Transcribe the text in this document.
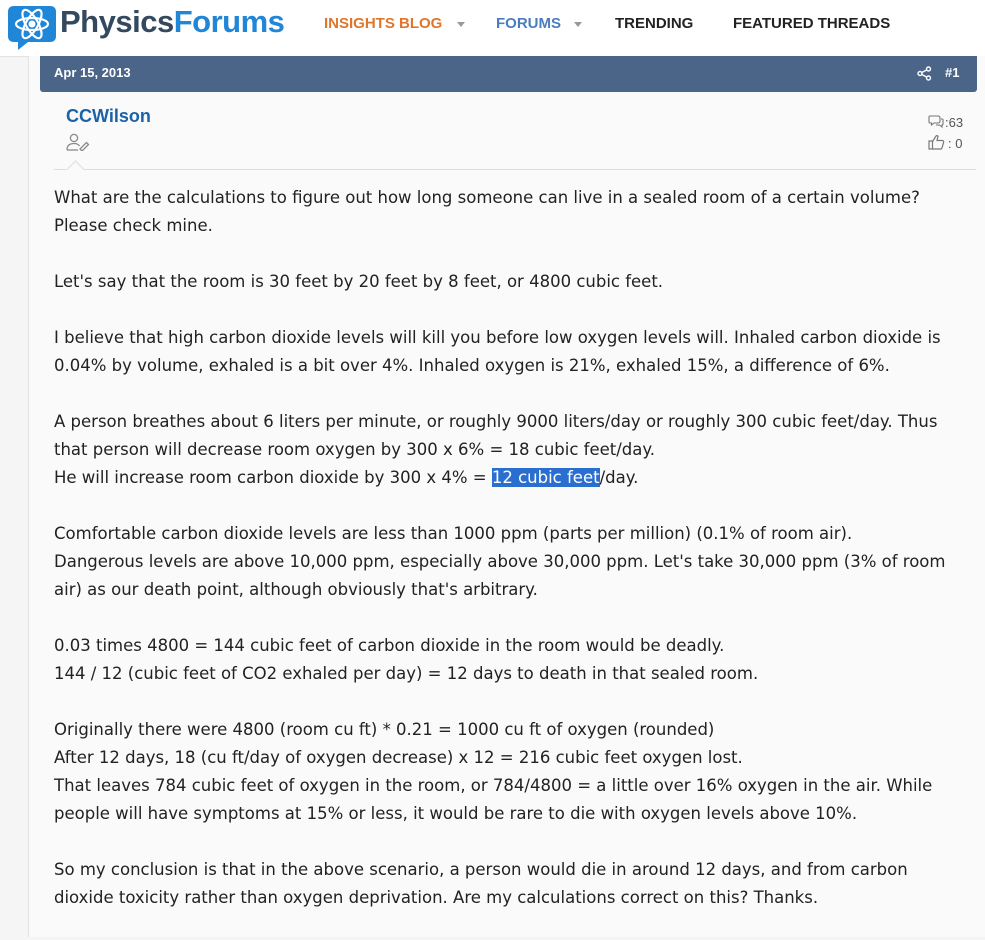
PhysicsForums	INSIGHTS BLOG	FORUMS	TRENDING	FEATURED THREADS
Apr 15, 2013	#1
CCWilson	:63
: 0

What are the calculations to figure out how long someone can live in a sealed room of a certain volume?
Please check mine.

Let's say that the room is 30 feet by 20 feet by 8 feet, or 4800 cubic feet.

I believe that high carbon dioxide levels will kill you before low oxygen levels will. Inhaled carbon dioxide is 0.04% by volume, exhaled is a bit over 4%. Inhaled oxygen is 21%, exhaled 15%, a difference of 6%.

A person breathes about 6 liters per minute, or roughly 9000 liters/day or roughly 300 cubic feet/day. Thus that person will decrease room oxygen by 300 x 6% = 18 cubic feet/day.
He will increase room carbon dioxide by 300 x 4% = 12 cubic feet/day.

Comfortable carbon dioxide levels are less than 1000 ppm (parts per million) (0.1% of room air).
Dangerous levels are above 10,000 ppm, especially above 30,000 ppm. Let's take 30,000 ppm (3% of room air) as our death point, although obviously that's arbitrary.

0.03 times 4800 = 144 cubic feet of carbon dioxide in the room would be deadly.
144 / 12 (cubic feet of CO2 exhaled per day) = 12 days to death in that sealed room.

Originally there were 4800 (room cu ft) * 0.21 = 1000 cu ft of oxygen (rounded)
After 12 days, 18 (cu ft/day of oxygen decrease) x 12 = 216 cubic feet oxygen lost.
That leaves 784 cubic feet of oxygen in the room, or 784/4800 = a little over 16% oxygen in the air. While people will have symptoms at 15% or less, it would be rare to die with oxygen levels above 10%.

So my conclusion is that in the above scenario, a person would die in around 12 days, and from carbon dioxide toxicity rather than oxygen deprivation. Are my calculations correct on this? Thanks.
